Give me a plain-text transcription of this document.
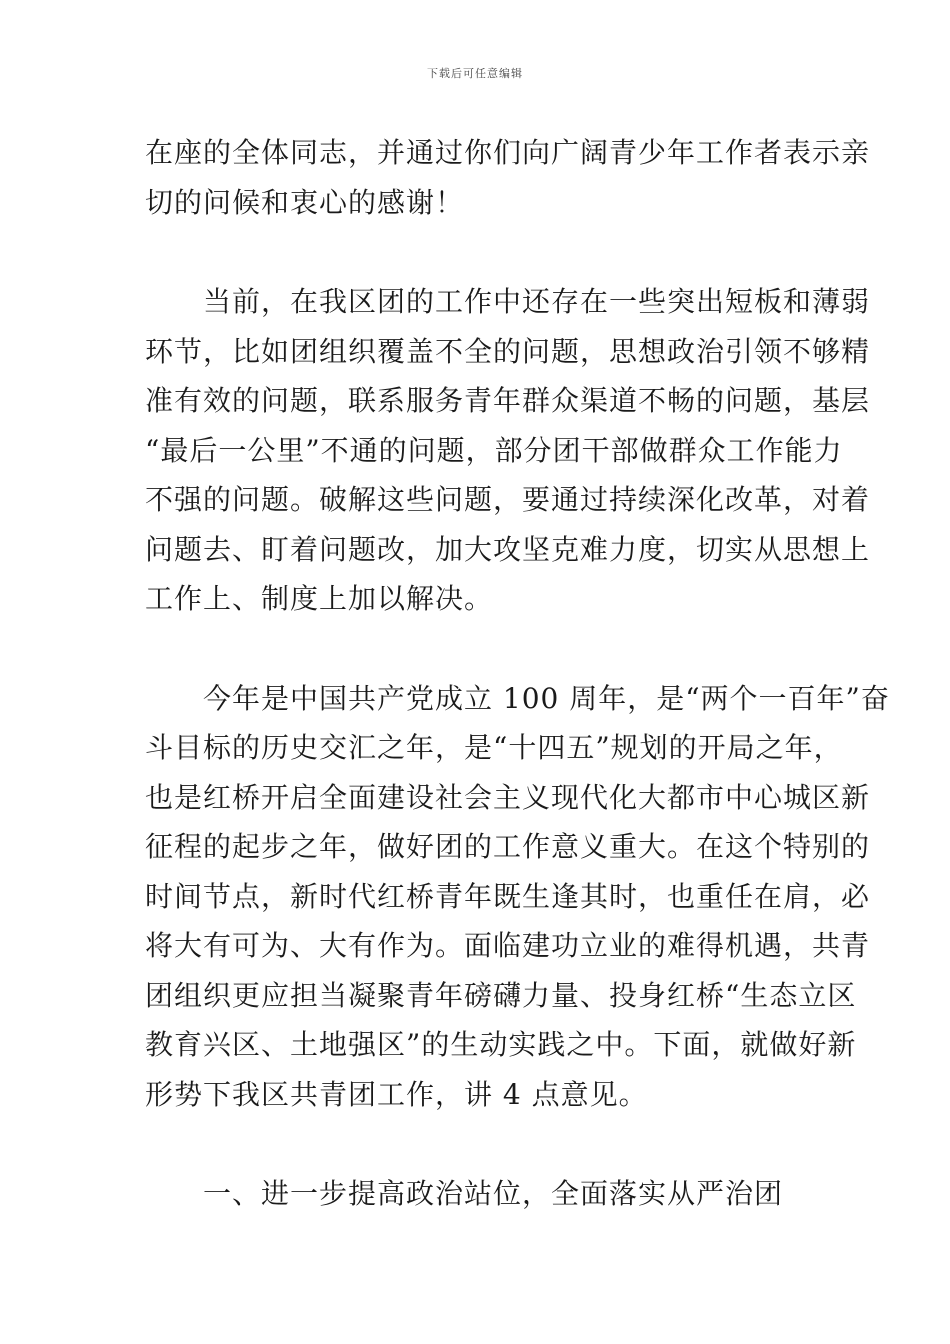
下载后可任意编辑

在座的全体同志，并通过你们向广阔青少年工作者表示亲
切的问候和衷心的感谢！

　　当前，在我区团的工作中还存在一些突出短板和薄弱
环节，比如团组织覆盖不全的问题，思想政治引领不够精
准有效的问题，联系服务青年群众渠道不畅的问题，基层
“最后一公里”不通的问题，部分团干部做群众工作能力
不强的问题。破解这些问题，要通过持续深化改革，对着
问题去、盯着问题改，加大攻坚克难力度，切实从思想上
工作上、制度上加以解决。

　　今年是中国共产党成立 100 周年，是“两个一百年”奋
斗目标的历史交汇之年，是“十四五”规划的开局之年，
也是红桥开启全面建设社会主义现代化大都市中心城区新
征程的起步之年，做好团的工作意义重大。在这个特别的
时间节点，新时代红桥青年既生逢其时，也重任在肩，必
将大有可为、大有作为。面临建功立业的难得机遇，共青
团组织更应担当凝聚青年磅礴力量、投身红桥“生态立区
教育兴区、土地强区”的生动实践之中。下面，就做好新
形势下我区共青团工作，讲 4 点意见。

　　一、进一步提高政治站位，全面落实从严治团
